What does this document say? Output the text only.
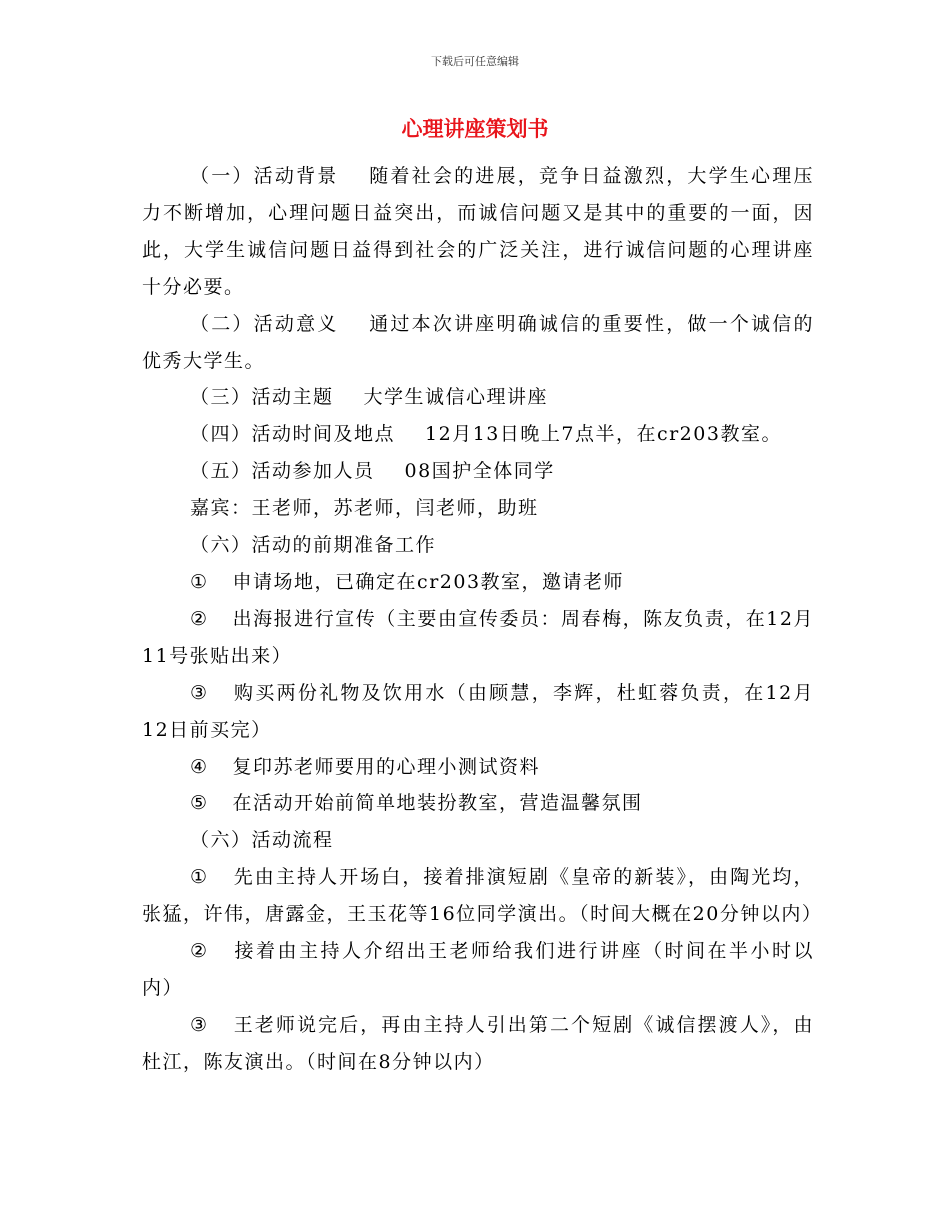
下载后可任意编辑
心理讲座策划书

（一）活动背景 随着社会的进展，竞争日益激烈，大学生心理压力不断增加，心理问题日益突出，而诚信问题又是其中的重要的一面，因此，大学生诚信问题日益得到社会的广泛关注，进行诚信问题的心理讲座十分必要。

（二）活动意义 通过本次讲座明确诚信的重要性，做一个诚信的优秀大学生。

（三）活动主题 大学生诚信心理讲座

（四）活动时间及地点 12月13日晚上7点半，在cr203教室。

（五）活动参加人员 08国护全体同学

嘉宾：王老师，苏老师，闫老师，助班

（六）活动的前期准备工作

① 申请场地，已确定在cr203教室，邀请老师

② 出海报进行宣传（主要由宣传委员：周春梅，陈友负责，在12月11号张贴出来）

③ 购买两份礼物及饮用水（由顾慧，李辉，杜虹蓉负责，在12月12日前买完）

④ 复印苏老师要用的心理小测试资料

⑤ 在活动开始前简单地装扮教室，营造温馨氛围

（六）活动流程

① 先由主持人开场白，接着排演短剧《皇帝的新装》，由陶光均，张猛，许伟，唐露金，王玉花等16位同学演出。（时间大概在20分钟以内）

② 接着由主持人介绍出王老师给我们进行讲座（时间在半小时以内）

③ 王老师说完后，再由主持人引出第二个短剧《诚信摆渡人》，由杜江，陈友演出。（时间在8分钟以内）
